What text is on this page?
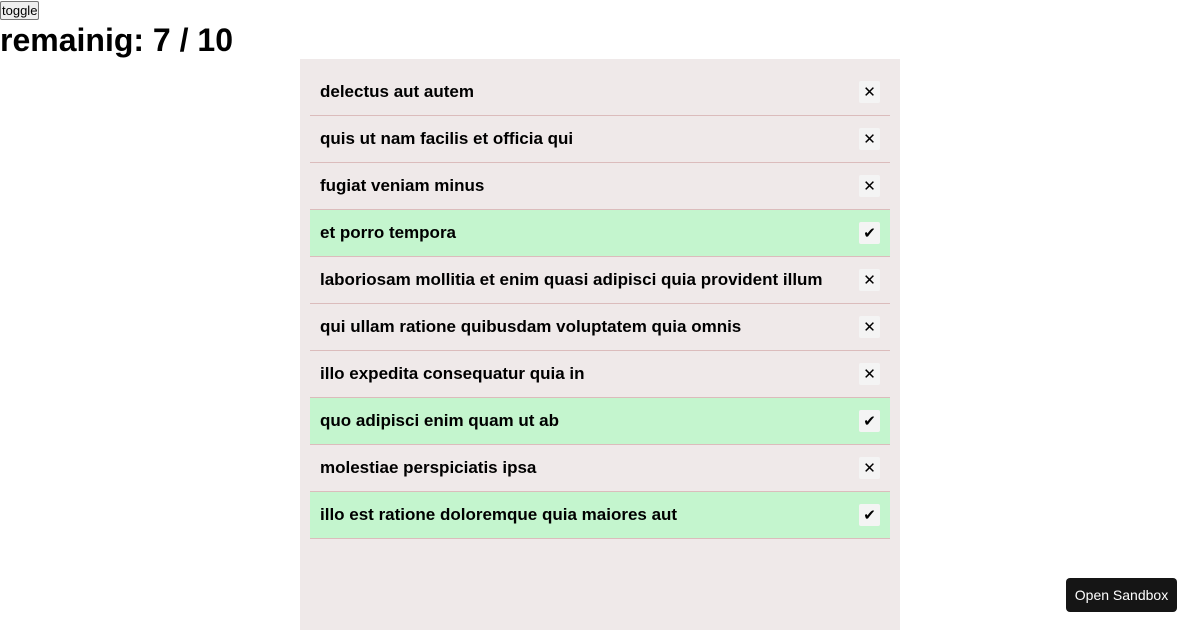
toggle
remainig: 7 / 10
delectus aut autem	✕
quis ut nam facilis et officia qui	✕
fugiat veniam minus	✕
et porro tempora	✔
laboriosam mollitia et enim quasi adipisci quia provident illum	✕
qui ullam ratione quibusdam voluptatem quia omnis	✕
illo expedita consequatur quia in	✕
quo adipisci enim quam ut ab	✔
molestiae perspiciatis ipsa	✕
illo est ratione doloremque quia maiores aut	✔
Open Sandbox
